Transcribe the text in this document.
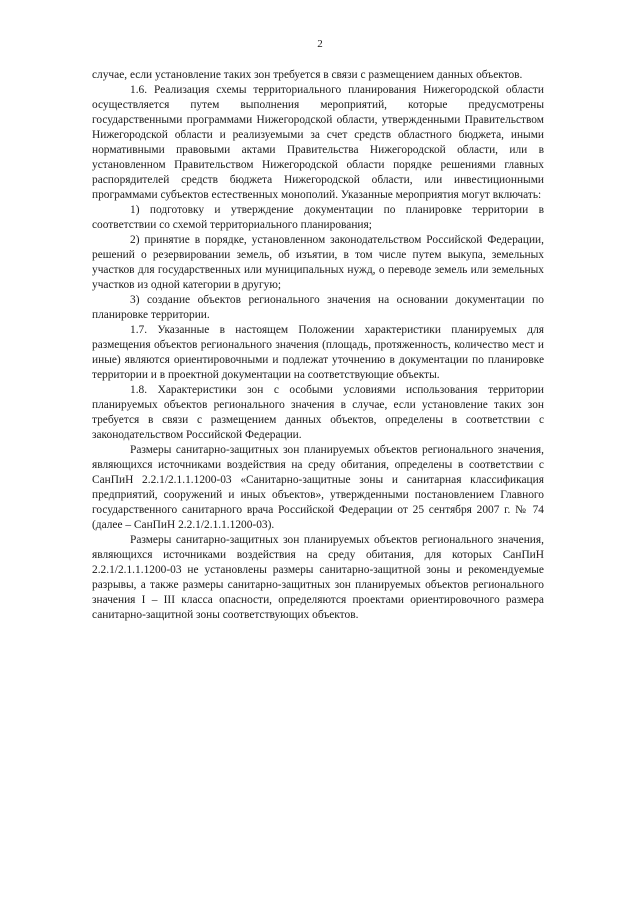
2

случае, если установление таких зон требуется в связи с размещением данных объектов.

1.6. Реализация схемы территориального планирования Нижегородской области осуществляется путем выполнения мероприятий, которые предусмотрены государственными программами Нижегородской области, утвержденными Правительством Нижегородской области и реализуемыми за счет средств областного бюджета, иными нормативными правовыми актами Правительства Нижегородской области, или в установленном Правительством Нижегородской области порядке решениями главных распорядителей средств бюджета Нижегородской области, или инвестиционными программами субъектов естественных монополий. Указанные мероприятия могут включать:

1) подготовку и утверждение документации по планировке территории в соответствии со схемой территориального планирования;

2) принятие в порядке, установленном законодательством Российской Федерации, решений о резервировании земель, об изъятии, в том числе путем выкупа, земельных участков для государственных или муниципальных нужд, о переводе земель или земельных участков из одной категории в другую;

3) создание объектов регионального значения на основании документации по планировке территории.

1.7. Указанные в настоящем Положении характеристики планируемых для размещения объектов регионального значения (площадь, протяженность, количество мест и иные) являются ориентировочными и подлежат уточнению в документации по планировке территории и в проектной документации на соответствующие объекты.

1.8. Характеристики зон с особыми условиями использования территории планируемых объектов регионального значения в случае, если установление таких зон требуется в связи с размещением данных объектов, определены в соответствии с законодательством Российской Федерации.

Размеры санитарно-защитных зон планируемых объектов регионального значения, являющихся источниками воздействия на среду обитания, определены в соответствии с СанПиН 2.2.1/2.1.1.1200-03 «Санитарно-защитные зоны и санитарная классификация предприятий, сооружений и иных объектов», утвержденными постановлением Главного государственного санитарного врача Российской Федерации от 25 сентября 2007 г. № 74 (далее – СанПиН 2.2.1/2.1.1.1200-03).

Размеры санитарно-защитных зон планируемых объектов регионального значения, являющихся источниками воздействия на среду обитания, для которых СанПиН 2.2.1/2.1.1.1200-03 не установлены размеры санитарно-защитной зоны и рекомендуемые разрывы, а также размеры санитарно-защитных зон планируемых объектов регионального значения I – III класса опасности, определяются проектами ориентировочного размера санитарно-защитной зоны соответствующих объектов.
